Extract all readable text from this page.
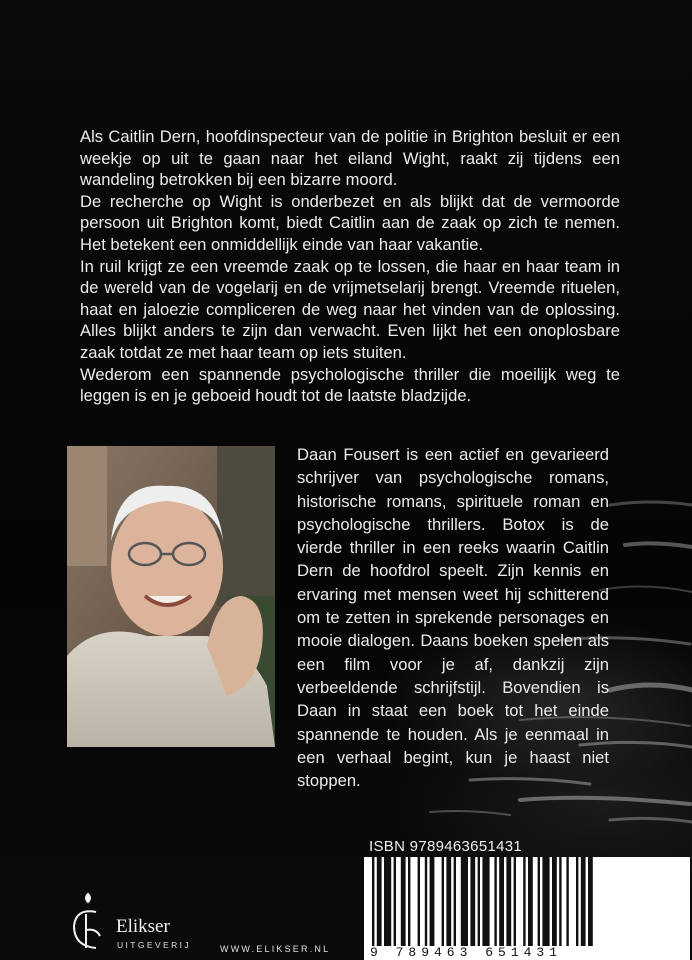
Als Caitlin Dern, hoofdinspecteur van de politie in Brighton besluit er een weekje op uit te gaan naar het eiland Wight, raakt zij tijdens een wandeling betrokken bij een bizarre moord.

De recherche op Wight is onderbezet en als blijkt dat de vermoorde persoon uit Brighton komt, biedt Caitlin aan de zaak op zich te nemen. Het betekent een onmiddellijk einde van haar vakantie.

In ruil krijgt ze een vreemde zaak op te lossen, die haar en haar team in de wereld van de vogelarij en de vrijmetselarij brengt. Vreemde rituelen, haat en jaloezie compliceren de weg naar het vinden van de oplossing. Alles blijkt anders te zijn dan verwacht. Even lijkt het een onoplosbare zaak totdat ze met haar team op iets stuiten.

Wederom een spannende psychologische thriller die moeilijk weg te leggen is en je geboeid houdt tot de laatste bladzijde.

Daan Fousert is een actief en gevarieerd schrijver van psychologische romans, historische romans, spirituele roman en psychologische thrillers. Botox is de vierde thriller in een reeks waarin Caitlin Dern de hoofdrol speelt. Zijn kennis en ervaring met mensen weet hij schitterend om te zetten in sprekende personages en mooie dialogen. Daans boeken spelen als een film voor je af, dankzij zijn verbeeldende schrijfstijl. Bovendien is Daan in staat een boek tot het einde spannende te houden. Als je eenmaal in een verhaal begint, kun je haast niet stoppen.

ISBN 9789463651431
9 789463 651431
Elikser
UITGEVERIJ	WWW.ELIKSER.NL
